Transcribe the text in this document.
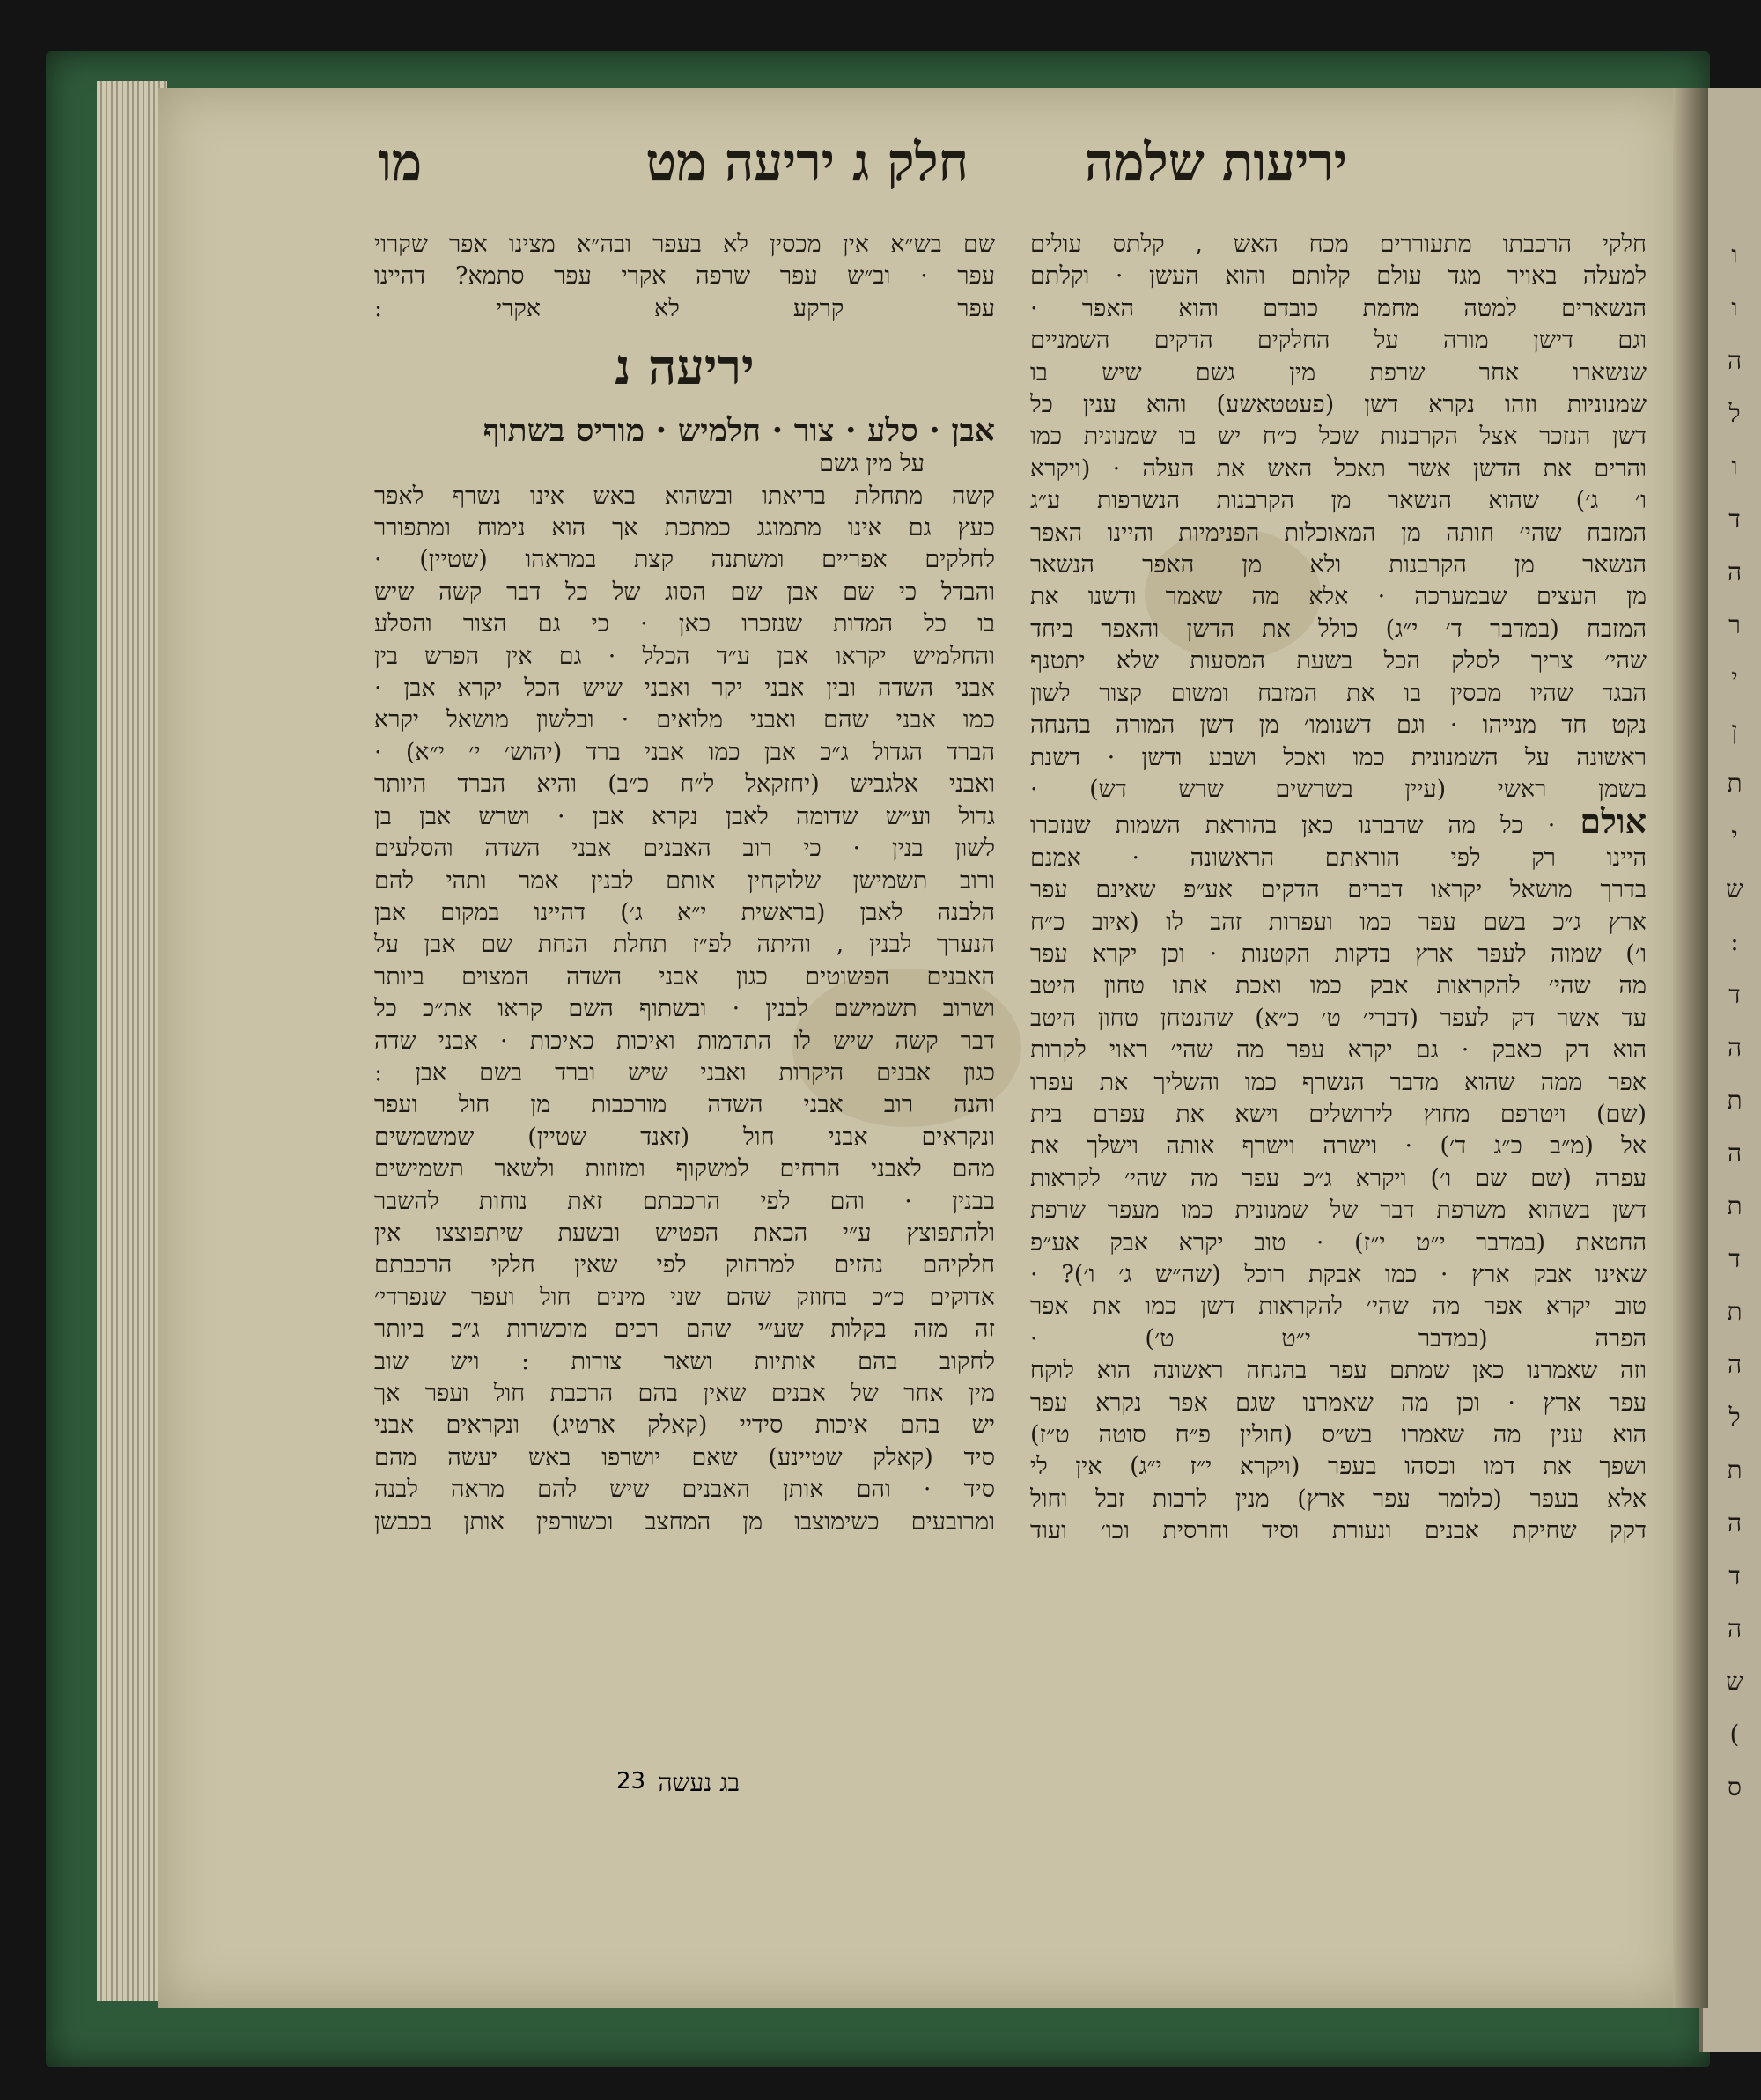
יריעות שלמה
חלק ג יריעה מט
מו
חלקי הרכבתו מתעוררים מכח האש , קלתס עולים
למעלה באויר מגד עולם קלותם והוא העשן · וקלתם
הנשארים למטה מחמת כובדם והוא האפר ·
וגם דישן מורה על החלקים הדקים השמניים
שנשארו אחר שרפת מין גשם שיש בו
שמנוניות וזהו נקרא דשן (פעטטאשע) והוא ענין כל
דשן הנזכר אצל הקרבנות שכל כ״ח יש בו שמנונית כמו
והרים את הדשן אשר תאכל האש את העלה · (ויקרא
ו׳ ג׳) שהוא הנשאר מן הקרבנות הנשרפות ע״ג
המזבח שהי׳ חותה מן המאוכלות הפנימיות והיינו האפר
הנשאר מן הקרבנות ולא מן האפר הנשאר
מן העצים שבמערכה · אלא מה שאמר ודשנו את
המזבח (במדבר ד׳ י״ג) כולל את הדשן והאפר ביחד
שהי׳ צריך לסלק הכל בשעת המסעות שלא יתטנף
הבגד שהיו מכסין בו את המזבח ומשום קצור לשון
נקט חד מנייהו · וגם דשנומו׳ מן דשן המורה בהנחה
ראשונה על השמנונית כמו ואכל ושבע ודשן · דשנת
בשמן ראשי (עיין בשרשים שרש דש) ·
אולם · כל מה שדברנו כאן בהוראת השמות שנזכרו
היינו רק לפי הוראתם הראשונה · אמנם
בדרך מושאל יקראו דברים הדקים אע״פ שאינם עפר
ארץ ג״כ בשם עפר כמו ועפרות זהב לו (איוב כ״ח
ו׳) שמוה לעפר ארץ בדקות הקטנות · וכן יקרא עפר
מה שהי׳ להקראות אבק כמו ואכת אתו טחון היטב
עד אשר דק לעפר (דברי׳ ט׳ כ״א) שהנטחן טחון היטב
הוא דק כאבק · גם יקרא עפר מה שהי׳ ראוי לקרות
אפר ממה שהוא מדבר הנשרף כמו והשליך את עפרו
(שם) ויטרפם מחוץ לירושלים וישא את עפרם בית
אל (מ״ב כ״ג ד׳) · וישרה וישרף אותה וישלך את
עפרה (שם שם ו׳) ויקרא ג״כ עפר מה שהי׳ לקראות
דשן בשהוא משרפת דבר של שמנונית כמו מעפר שרפת
החטאת (במדבר י״ט י״ז) · טוב יקרא אבק אע״פ
שאינו אבק ארץ · כמו אבקת רוכל (שה״ש ג׳ ו׳)? ·
טוב יקרא אפר מה שהי׳ להקראות דשן כמו את אפר
הפרה (במדבר י״ט ט׳) ·
וזה שאמרנו כאן שמתם עפר בהנחה ראשונה הוא לוקח
עפר ארץ · וכן מה שאמרנו שגם אפר נקרא עפר
הוא ענין מה שאמרו בש״ס (חולין פ״ח סוטה ט״ז)
ושפך את דמו וכסהו בעפר (ויקרא י״ז י״ג) אין לי
אלא בעפר (כלומר עפר ארץ) מנין לרבות זבל וחול
דקק שחיקת אבנים ונעורת וסיד וחרסית וכו׳ ועוד
שם בש״א אין מכסין לא בעפר ובה״א מצינו אפר שקרוי
עפר · וב״ש עפר שרפה אקרי עפר סתמא? דהיינו
עפר קרקע לא אקרי :
יריעה נ
אבן · סלע · צור · חלמיש · מוריס בשתוף
על מין גשם
קשה מתחלת בריאתו ובשהוא באש אינו נשרף לאפר
כעץ גם אינו מתמוגג כמתכת אך הוא נימוח ומתפורר
לחלקים אפריים ומשתנה קצת במראהו (שטיין) ·
והבדל כי שם אבן שם הסוג של כל דבר קשה שיש
בו כל המדות שנזכרו כאן · כי גם הצור והסלע
והחלמיש יקראו אבן ע״ד הכלל · גם אין הפרש בין
אבני השדה ובין אבני יקר ואבני שיש הכל יקרא אבן ·
כמו אבני שהם ואבני מלואים · ובלשון מושאל יקרא
הברד הגדול ג״כ אבן כמו אבני ברד (יהוש׳ י׳ י״א) ·
ואבני אלגביש (יחזקאל ל״ח כ״ב) והיא הברד היותר
גדול וע״ש שדומה לאבן נקרא אבן · ושרש אבן בן
לשון בנין · כי רוב האבנים אבני השדה והסלעים
ורוב תשמישן שלוקחין אותם לבנין אמר ותהי להם
הלבנה לאבן (בראשית י״א ג׳) דהיינו במקום אבן
הנערך לבנין , והיתה לפ״ז תחלת הנחת שם אבן על
האבנים הפשוטים כגון אבני השדה המצוים ביותר
ושרוב תשמישם לבנין · ובשתוף השם קראו את״כ כל
דבר קשה שיש לו התדמות ואיכות כאיכות · אבני שדה
כגון אבנים היקרות ואבני שיש וברד בשם אבן :
והנה רוב אבני השדה מורכבות מן חול ועפר
ונקראים אבני חול (זאנד שטיין) שמשמשים
מהם לאבני הרחים למשקוף ומזוזות ולשאר תשמישים
בבנין · והם לפי הרכבתם זאת נוחות להשבר
ולהתפוצץ ע״י הכאת הפטיש ובשעת שיתפוצצו אין
חלקיהם נהזים למרחוק לפי שאין חלקי הרכבתם
אדוקים כ״כ בחוזק שהם שני מינים חול ועפר שנפרדי׳
זה מזה בקלות שע״י שהם רכים מוכשרות ג״כ ביותר
לחקוב בהם אותיות ושאר צורות : ויש שוב
מין אחר של אבנים שאין בהם הרכבת חול ועפר אך
יש בהם איכות סידיי (קאלק ארטיג) ונקראים אבני
סיד (קאלק שטיינע) שאם יושרפו באש יעשה מהם
סיד · והם אותן האבנים שיש להם מראה לבנה
ומרובעים כשימוצבו מן המחצב וכשורפין אותן בכבשן
בג נעשה
23
ו
ו
ה
ל
ו
ד
ה
ר
י
ן
ת
י
ש
:
ד
ה
ת
ה
ת
ד
ת
ה
ל
ת
ה
ד
ה
ש
(
ס
